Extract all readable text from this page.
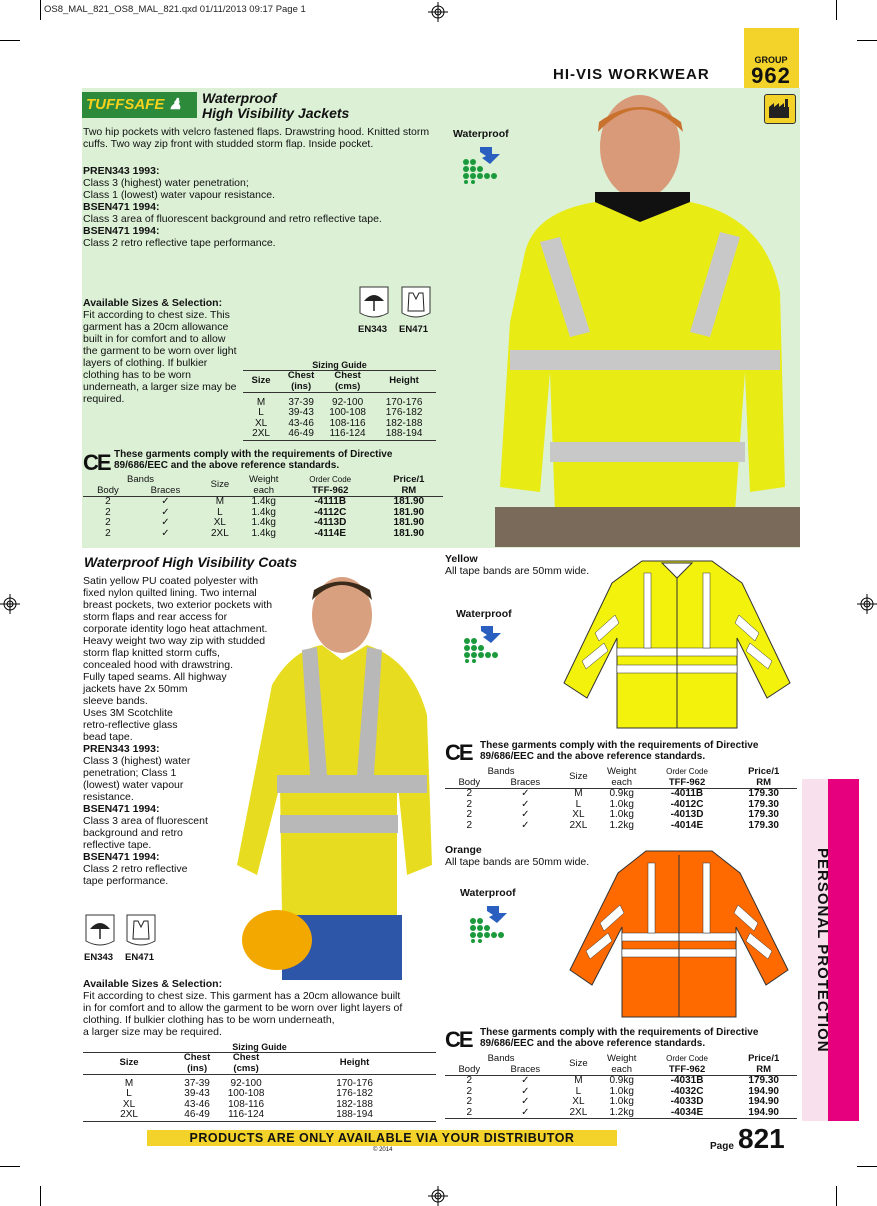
OS8_MAL_821_OS8_MAL_821.qxd 01/11/2013 09:17 Page 1
GROUP
962
HI-VIS WORKWEAR
TUFFSAFE ♟	Waterproof
High Visibility Jackets
Two hip pockets with velcro fastened flaps. Drawstring hood. Knitted storm cuffs. Two way zip front with studded storm flap. Inside pocket.
PREN343 1993:
Class 3 (highest) water penetration;
Class 1 (lowest) water vapour resistance.
BSEN471 1994:
Class 3 area of fluorescent background and retro reflective tape.
BSEN471 1994:
Class 2 retro reflective tape performance.
Waterproof
EN343 EN471
Available Sizes & Selection:
Fit according to chest size. This garment has a 20cm allowance built in for comfort and to allow the garment to be worn over light layers of clothing. If bulkier clothing has to be worn underneath, a larger size may be required.
Sizing Guide
Size	Chest (ins)	Chest (cms)	Height

M	37-39	92-100	170-176
L	39-43	100-108	176-182
XL	43-46	108-116	182-188
2XL	46-49	116-124	188-194
CE These garments comply with the requirements of Directive 89/686/EEC and the above reference standards.
Bands		Size	Weight each	Order Code	Price/1
Body	Braces			TFF-962	RM
2	✓	M	1.4kg	-4111B	181.90
2	✓	L	1.4kg	-4112C	181.90
2	✓	XL	1.4kg	-4113D	181.90
2	✓	2XL	1.4kg	-4114E	181.90
Waterproof High Visibility Coats
Satin yellow PU coated polyester with
fixed nylon quilted lining. Two internal
breast pockets, two exterior pockets with
storm flaps and rear access for
corporate identity logo heat attachment.
Heavy weight two way zip with studded
storm flap knitted storm cuffs,
concealed hood with drawstring.
Fully taped seams. All highway
jackets have 2x 50mm
sleeve bands.
Uses 3M Scotchlite
retro-reflective glass
bead tape.
PREN343 1993:
Class 3 (highest) water
penetration; Class 1
(lowest) water vapour
resistance.
BSEN471 1994:
Class 3 area of fluorescent
background and retro
reflective tape.
BSEN471 1994:
Class 2 retro reflective
tape performance.
EN343 EN471
Available Sizes & Selection:
Fit according to chest size. This garment has a 20cm allowance built
in for comfort and to allow the garment to be worn over light layers of
clothing. If bulkier clothing has to be worn underneath,
a larger size may be required.
Sizing Guide
Size	Chest (ins)	Chest (cms)	Height

M	37-39	92-100	170-176
L	39-43	100-108	176-182
XL	43-46	108-116	182-188
2XL	46-49	116-124	188-194
Yellow
All tape bands are 50mm wide.
Waterproof
CE These garments comply with the requirements of Directive 89/686/EEC and the above reference standards.
Bands		Size	Weight each	Order Code	Price/1
Body	Braces			TFF-962	RM
2	✓	M	0.9kg	-4011B	179.30
2	✓	L	1.0kg	-4012C	179.30
2	✓	XL	1.0kg	-4013D	179.30
2	✓	2XL	1.2kg	-4014E	179.30
Orange
All tape bands are 50mm wide.
Waterproof
CE These garments comply with the requirements of Directive 89/686/EEC and the above reference standards.
Bands		Size	Weight each	Order Code	Price/1
Body	Braces			TFF-962	RM
2	✓	M	0.9kg	-4031B	179.30
2	✓	L	1.0kg	-4032C	194.90
2	✓	XL	1.0kg	-4033D	194.90
2	✓	2XL	1.2kg	-4034E	194.90
PERSONAL PROTECTION
PRODUCTS ARE ONLY AVAILABLE VIA YOUR DISTRIBUTOR
© 2014	Page 821
